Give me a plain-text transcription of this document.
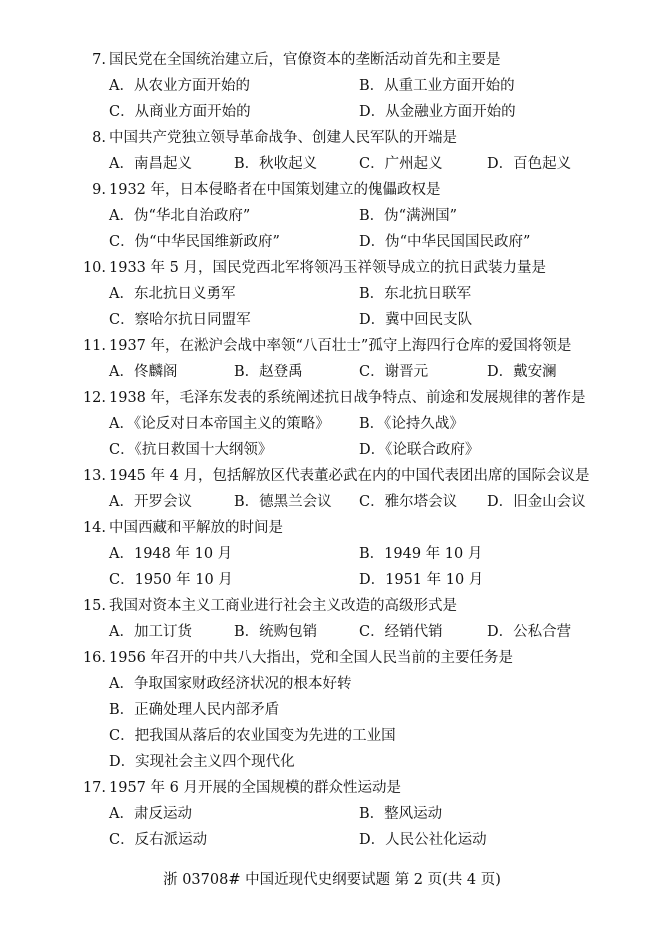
7. 国民党在全国统治建立后，官僚资本的垄断活动首先和主要是
A．从农业方面开始的	B．从重工业方面开始的
C．从商业方面开始的	D．从金融业方面开始的
8. 中国共产党独立领导革命战争、创建人民军队的开端是
A．南昌起义	B．秋收起义	C．广州起义	D．百色起义
9. 1932 年，日本侵略者在中国策划建立的傀儡政权是
A．伪“华北自治政府”	B．伪“满洲国”
C．伪“中华民国维新政府”	D．伪“中华民国国民政府”
10. 1933 年 5 月，国民党西北军将领冯玉祥领导成立的抗日武装力量是
A．东北抗日义勇军	B．东北抗日联军
C．察哈尔抗日同盟军	D．冀中回民支队
11. 1937 年，在淞沪会战中率领“八百壮士”孤守上海四行仓库的爱国将领是
A．佟麟阁	B．赵登禹	C．谢晋元	D．戴安澜
12. 1938 年，毛泽东发表的系统阐述抗日战争特点、前途和发展规律的著作是
A．《论反对日本帝国主义的策略》 B．《论持久战》
C．《抗日救国十大纲领》	D．《论联合政府》
13. 1945 年 4 月，包括解放区代表董必武在内的中国代表团出席的国际会议是
A．开罗会议	B．德黑兰会议 C．雅尔塔会议 D．旧金山会议
14. 中国西藏和平解放的时间是
A．1948 年 10 月	B．1949 年 10 月
C．1950 年 10 月	D．1951 年 10 月
15. 我国对资本主义工商业进行社会主义改造的高级形式是
A．加工订货	B．统购包销	C．经销代销	D．公私合营
16. 1956 年召开的中共八大指出，党和全国人民当前的主要任务是
A．争取国家财政经济状况的根本好转
B．正确处理人民内部矛盾
C．把我国从落后的农业国变为先进的工业国
D．实现社会主义四个现代化
17. 1957 年 6 月开展的全国规模的群众性运动是
A．肃反运动	B．整风运动
C．反右派运动	D．人民公社化运动
浙 03708# 中国近现代史纲要试题 第 2 页(共 4 页)
